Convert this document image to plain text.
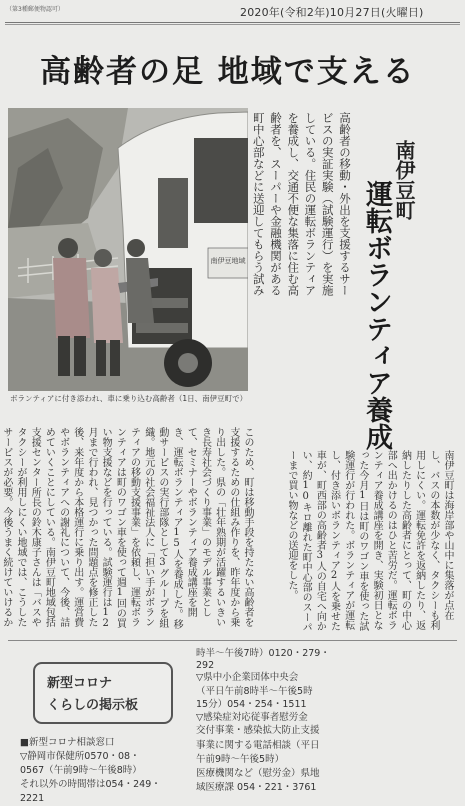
（第3種郵便物認可）	2020年(令和2年)10月27日(火曜日)
高齢者の足 地域で支える
南伊豆町
運転ボランティア養成
高齢者の移動・外出を支援するサービスの実証実験（試験運行）を実施している。住民の運転ボランティアを養成し、交通不便な集落に住む高齢者を、スーパーや金融機関がある町中心部などに送迎してもらう試み
南伊豆地域
ボランティアに付き添われ、車に乗り込む高齢者（1日、南伊豆町で）
南伊豆町は海岸部や山中に集落が点在し、バスの本数が少なく、タクシーも利用しにくい。運転免許を返納したり、返納したりした高齢者にとって、町の中心部へ出かけるのはひと苦労だ。運転ボランティア養成講座を開き、実験初日となった今月1日は町のワゴン車を使った試験運行が行われた。ボランティアが運転し、付き添いボランティア2人を乗せた車が、町西部の高齢者3人の自宅へ向かい、約10キロ離れた町中心部のスーパーまで買い物などの送迎をした。
このため、町は移動手段を持たない高齢者を支援するための仕組み作りを、昨年度から乗り出した。県の「壮年熟期が活躍するいきいき長寿社会づくり事業」のモデル事業として、セミナーやボランティア養成講座を開き、運転ボランティア15人を養成した。移動サービスの実行部隊として3グループを組織。地元の社会福祉法人に「担い手がボランティアの移動支援事業」を依頼し、運転ボランティアは町のワゴン車を使って週1回の買い物支援などを行っている。試験運行は12月まで行われ、見つかった問題点を修正した後、来年度から本格運行に乗り出す。運営費やボランティアへの謝礼について、今後、詰めていくことにしている。南伊豆町地域包括支援センター所長の鈴木康子さんは「バスやタクシーが利用しにくい地域では、こうしたサービスが必要。今後うまく続けていけるか
新型コロナ
くらしの掲示板
時半〜午後7時）0120・279・
292
▽県中小企業団体中央会
（平日午前8時半〜午後5時
15分）054・254・1511
▽感染症対応従事者慰労金
交付事業・感染拡大防止支援
事業に関する電話相談（平日
午前9時〜午後5時）
医療機関など（慰労金）県地
域医療課 054・221・3761
■新型コロナ相談窓口
▽静岡市保健所0570・08・
0567（午前9時〜午後8時）
それ以外の時間帯は054・249・
2221
